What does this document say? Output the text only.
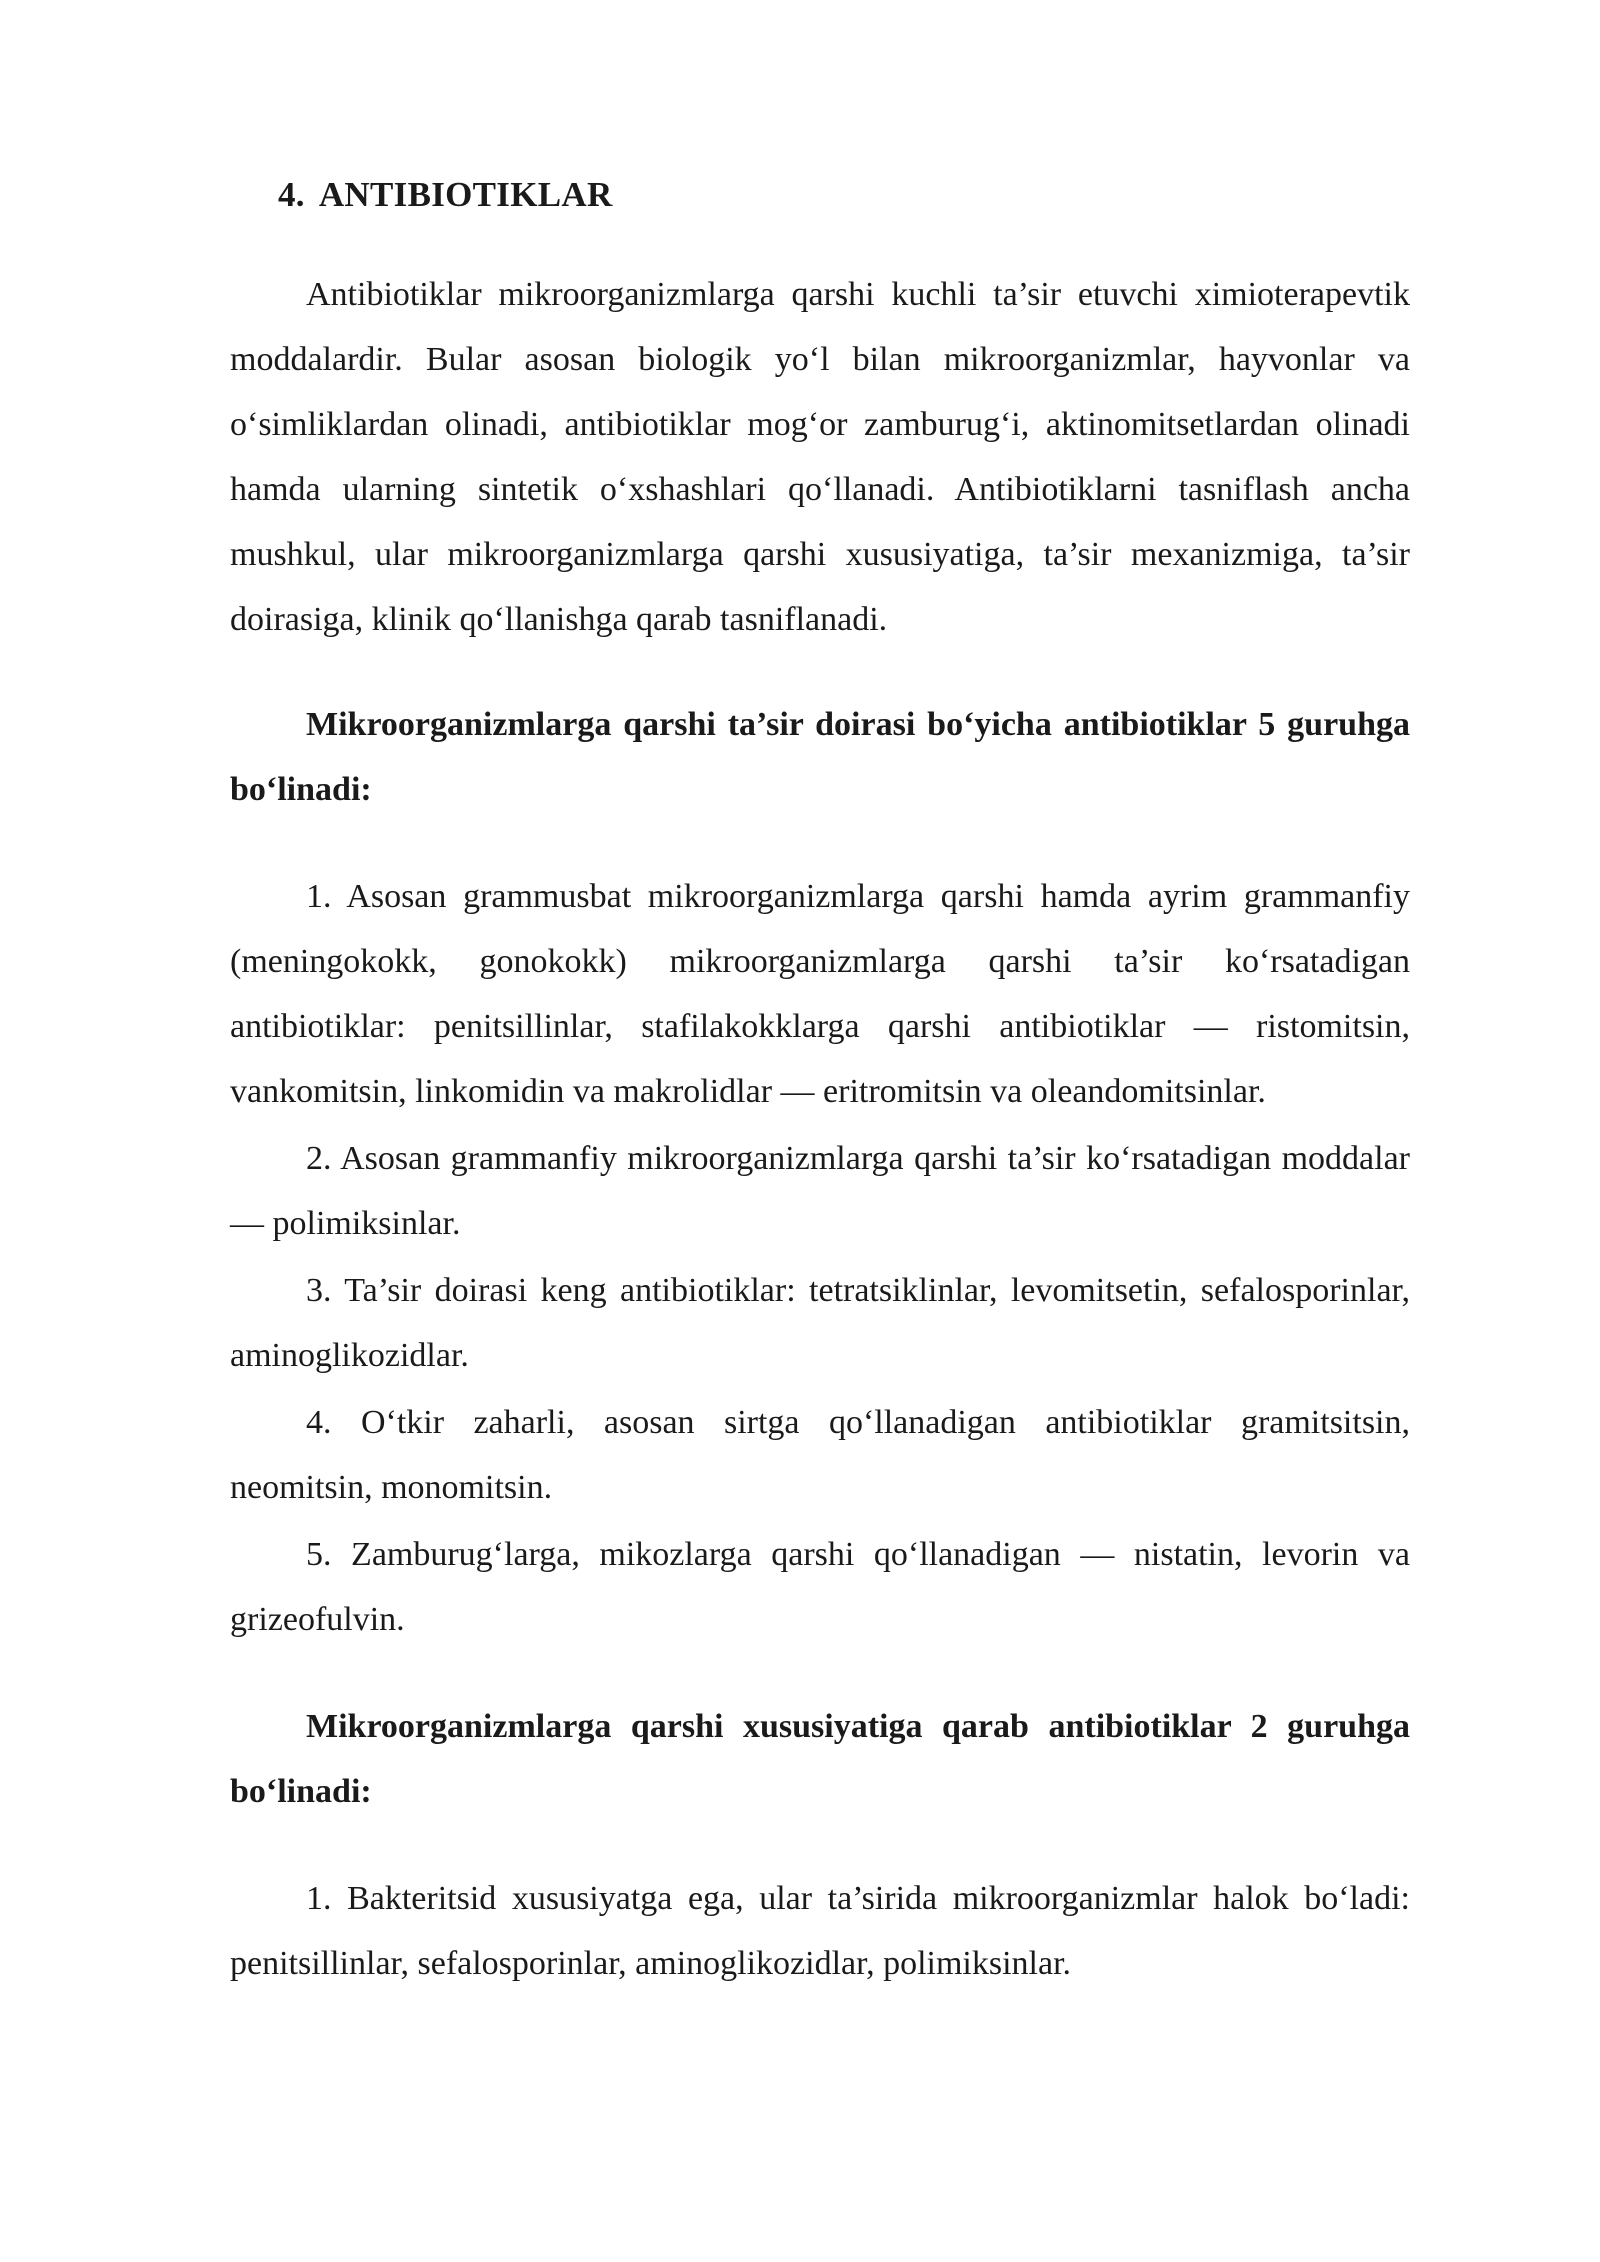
4. ANTIBIOTIKLAR

Antibiotiklar mikroorganizmlarga qarshi kuchli ta’sir etuvchi ximioterapevtik moddalardir. Bular asosan biologik yo‘l bilan mikroorganizmlar, hayvonlar va o‘simliklardan olinadi, antibiotiklar mog‘or zamburug‘i, aktinomitsetlardan olinadi hamda ularning sintetik o‘xshashlari qo‘llanadi. Antibiotiklarni tasniflash ancha mushkul, ular mikroorganizmlarga qarshi xususiyatiga, ta’sir mexanizmiga, ta’sir doirasiga, klinik qo‘llanishga qarab tasniflanadi.

Mikroorganizmlarga qarshi ta’sir doirasi bo‘yicha antibiotiklar 5 guruhga bo‘linadi:

1. Asosan grammusbat mikroorganizmlarga qarshi hamda ayrim grammanfiy (meningokokk, gonokokk) mikroorganizmlarga qarshi ta’sir ko‘rsatadigan antibiotiklar: penitsillinlar, stafilakokklarga qarshi antibiotiklar — ristomitsin, vankomitsin, linkomidin va makrolidlar — eritromitsin va oleandomitsinlar.

2. Asosan grammanfiy mikroorganizmlarga qarshi ta’sir ko‘rsatadigan moddalar — polimiksinlar.

3. Ta’sir doirasi keng antibiotiklar: tetratsiklinlar, levomitsetin, sefalosporinlar, aminoglikozidlar.

4. O‘tkir zaharli, asosan sirtga qo‘llanadigan antibiotiklar gramitsitsin, neomitsin, monomitsin.

5. Zamburug‘larga, mikozlarga qarshi qo‘llanadigan — nistatin, levorin va grizeofulvin.

Mikroorganizmlarga qarshi xususiyatiga qarab antibiotiklar 2 guruhga bo‘linadi:

1. Bakteritsid xususiyatga ega, ular ta’sirida mikroorganizmlar halok bo‘ladi: penitsillinlar, sefalosporinlar, aminoglikozidlar, polimiksinlar.
